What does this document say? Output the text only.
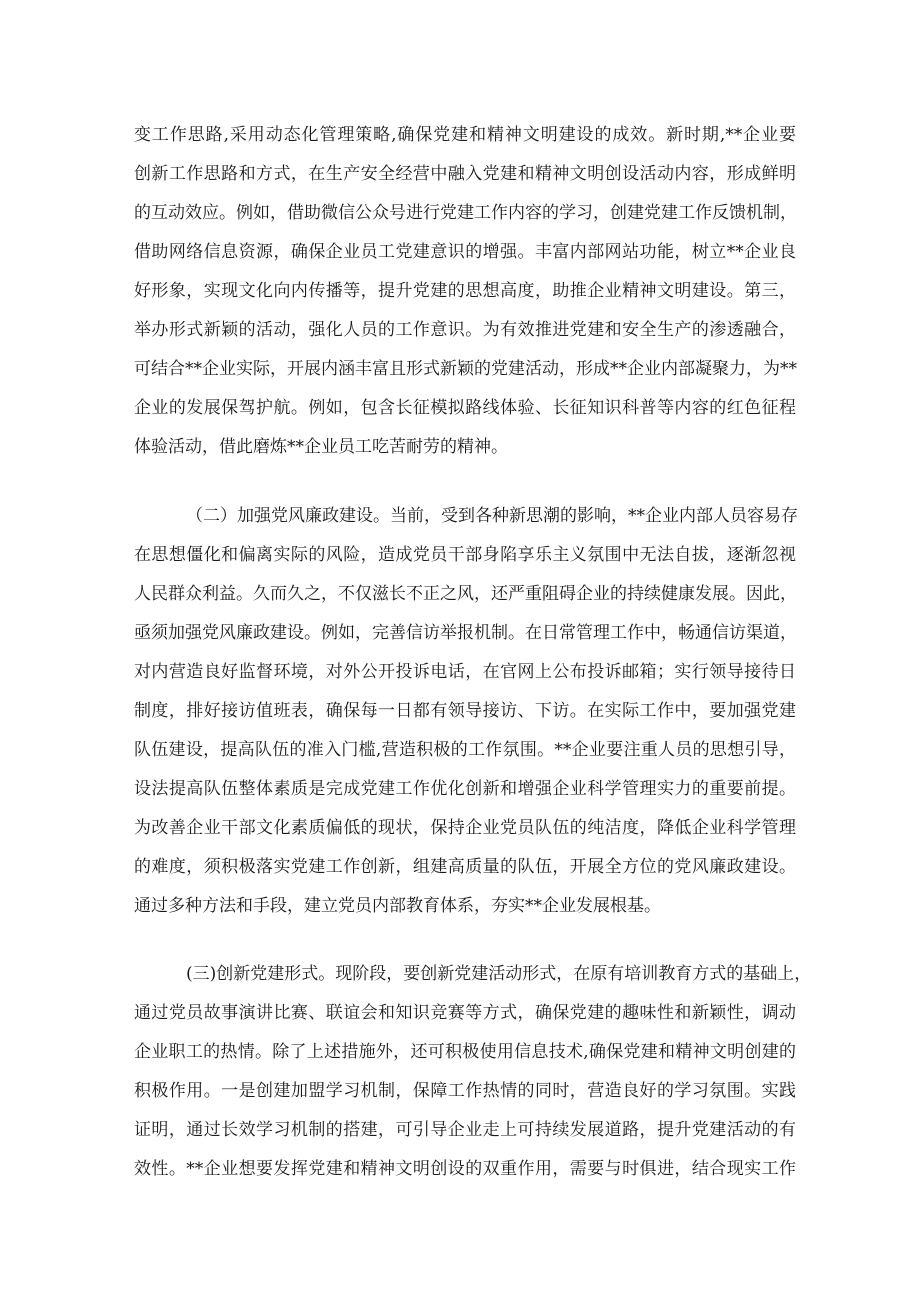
变工作思路,采用动态化管理策略,确保党建和精神文明建设的成效。新时期,**企业要
创新工作思路和方式，在生产安全经营中融入党建和精神文明创设活动内容，形成鲜明
的互动效应。例如，借助微信公众号进行党建工作内容的学习，创建党建工作反馈机制，
借助网络信息资源，确保企业员工党建意识的增强。丰富内部网站功能，树立**企业良
好形象，实现文化向内传播等，提升党建的思想高度，助推企业精神文明建设。第三，
举办形式新颖的活动，强化人员的工作意识。为有效推进党建和安全生产的渗透融合，
可结合**企业实际，开展内涵丰富且形式新颖的党建活动，形成**企业内部凝聚力，为**
企业的发展保驾护航。例如，包含长征模拟路线体验、长征知识科普等内容的红色征程
体验活动，借此磨炼**企业员工吃苦耐劳的精神。
（二）加强党风廉政建设。当前，受到各种新思潮的影响，**企业内部人员容易存
在思想僵化和偏离实际的风险，造成党员干部身陷享乐主义氛围中无法自拔，逐渐忽视
人民群众利益。久而久之，不仅滋长不正之风，还严重阻碍企业的持续健康发展。因此，
亟须加强党风廉政建设。例如，完善信访举报机制。在日常管理工作中，畅通信访渠道，
对内营造良好监督环境，对外公开投诉电话，在官网上公布投诉邮箱；实行领导接待日
制度，排好接访值班表，确保每一日都有领导接访、下访。在实际工作中，要加强党建
队伍建设，提高队伍的准入门槛,营造积极的工作氛围。**企业要注重人员的思想引导，
设法提高队伍整体素质是完成党建工作优化创新和增强企业科学管理实力的重要前提。
为改善企业干部文化素质偏低的现状，保持企业党员队伍的纯洁度，降低企业科学管理
的难度，须积极落实党建工作创新，组建高质量的队伍，开展全方位的党风廉政建设。
通过多种方法和手段，建立党员内部教育体系，夯实**企业发展根基。
(三)创新党建形式。现阶段，要创新党建活动形式，在原有培训教育方式的基础上，
通过党员故事演讲比赛、联谊会和知识竞赛等方式，确保党建的趣味性和新颖性，调动
企业职工的热情。除了上述措施外，还可积极使用信息技术,确保党建和精神文明创建的
积极作用。一是创建加盟学习机制，保障工作热情的同时，营造良好的学习氛围。实践
证明，通过长效学习机制的搭建，可引导企业走上可持续发展道路，提升党建活动的有
效性。**企业想要发挥党建和精神文明创设的双重作用，需要与时俱进，结合现实工作
